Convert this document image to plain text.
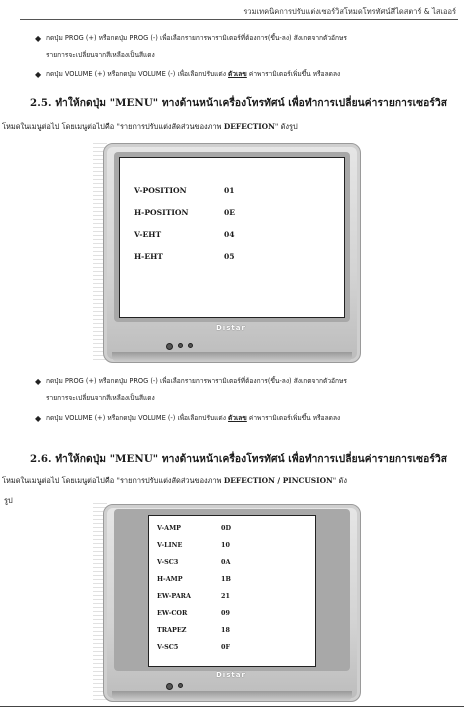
รวมเทคนิคการปรับแต่งเซอร์วิสโหมดโทรทัศน์สีไดสตาร์ & ไสเออร์
◆ กดปุ่ม PROG (+) หรือกดปุ่ม PROG (-) เพื่อเลือกรายการพารามิเตอร์ที่ต้องการ(ขึ้น-ลง) สังเกตจากตัวอักษร
รายการจะเปลี่ยนจากสีเหลืองเป็นสีแดง
◆ กดปุ่ม VOLUME (+) หรือกดปุ่ม VOLUME (-) เพื่อเลือกปรับแต่ง ตัวเลข ค่าพารามิเตอร์เพิ่มขึ้น หรือลดลง
2.5. ทำให้กดปุ่ม "MENU" ทางด้านหน้าเครื่องโทรทัศน์ เพื่อทำการเปลี่ยนค่ารายการเซอร์วิส
โหมดในเมนูต่อไป โดยเมนูต่อไปคือ "รายการปรับแต่งสัดส่วนของภาพ DEFECTION" ดังรูป
V-POSITION	01
H-POSITION	0E
V-EHT	04
H-EHT	05
Distar
◆ กดปุ่ม PROG (+) หรือกดปุ่ม PROG (-) เพื่อเลือกรายการพารามิเตอร์ที่ต้องการ(ขึ้น-ลง) สังเกตจากตัวอักษร
รายการจะเปลี่ยนจากสีเหลืองเป็นสีแดง
◆ กดปุ่ม VOLUME (+) หรือกดปุ่ม VOLUME (-) เพื่อเลือกปรับแต่ง ตัวเลข ค่าพารามิเตอร์เพิ่มขึ้น หรือลดลง
2.6. ทำให้กดปุ่ม "MENU" ทางด้านหน้าเครื่องโทรทัศน์ เพื่อทำการเปลี่ยนค่ารายการเซอร์วิส
โหมดในเมนูต่อไป โดยเมนูต่อไปคือ "รายการปรับแต่งสัดส่วนของภาพ DEFECTION / PINCUSION" ดัง
รูป
V-AMP	0D
V-LINE	10
V-SC3	0A
H-AMP	1B
EW-PARA	21
EW-COR	09
TRAPEZ	18
V-SC5	0F
Distar
